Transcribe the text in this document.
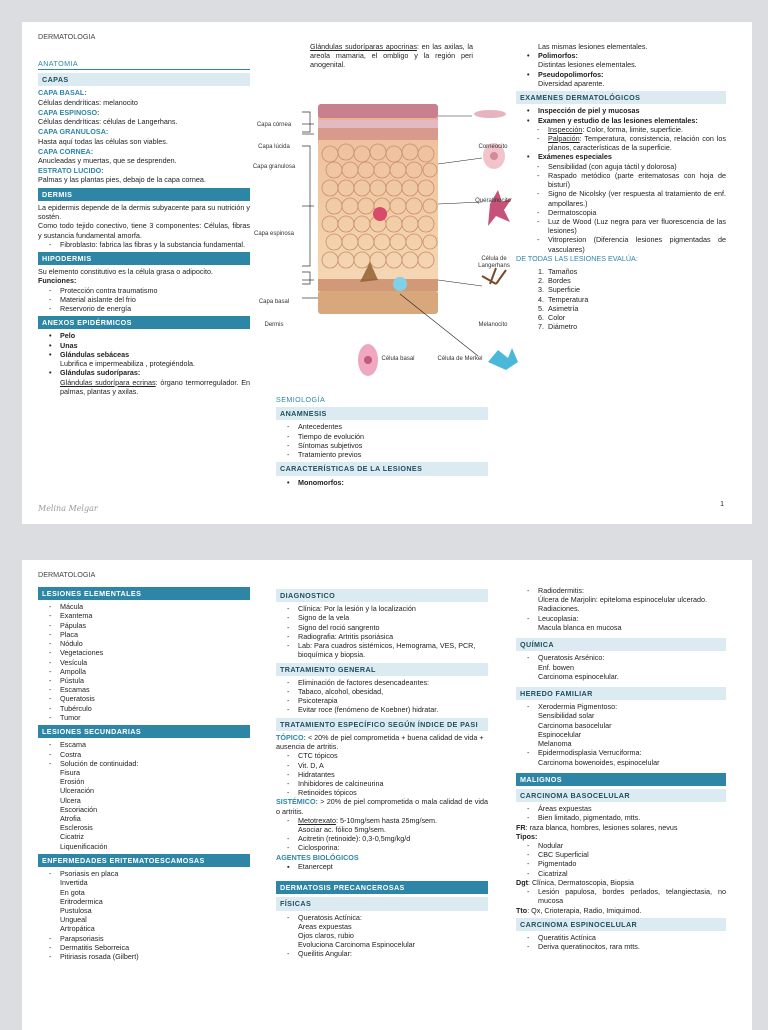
DERMATOLOGIA
ANATOMIA
CAPAS
CAPA BASAL:
Células dendríticas: melanocito
CAPA ESPINOSO:
Células dendríticas: células de Langerhans.
CAPA GRANULOSA:
Hasta aquí todas las células son viables.
CAPA CORNEA:
Anucleadas y muertas, que se desprenden.
ESTRATO LUCIDO:
Palmas y las plantas pies, debajo de la capa cornea.
DERMIS
La epidermis depende de la dermis subyacente para su nutrición y sostén.
Como todo tejido conectivo, tiene 3 componentes: Células, fibras y sustancia fundamental amorfa.
- Fibroblasto: fabrica las fibras y la substancia fundamental.
HIPODERMIS
Su elemento constitutivo es la célula grasa o adipocito.
Funciones:
- Protección contra traumatismo
- Material aislante del frio
- Reservorio de energía
ANEXOS EPIDÉRMICOS
• Pelo
• Unas
• Glándulas sebáceas
Lubrifica e impermeabiliza , protegiéndola.
• Glándulas sudoríparas:
Glándulas sudorípara ecrinas: órgano termorregulador. En palmas, plantas y axilas.
Glándulas sudoríparas apocrinas: en las axilas, la areola mamaria, el ombligo y la región peri anogenital.
Capa córnea
Capa lúcida
Capa granulosa
Capa espinosa
Capa basal
Dermis
Corneocito
Queratinocito
Célula de Langerhans
Melanocito
Célula de Merkel
Célula basal
SEMIOLOGÍA
ANAMNESIS
- Antecedentes
- Tiempo de evolución
- Síntomas subjetivos
- Tratamiento previos
CARACTERÍSTICAS DE LA LESIONES
• Monomorfos:
Las mismas lesiones elementales.
• Polimorfos:
Distintas lesiones elementales.
• Pseudopolimorfos:
Diversidad aparente.
EXAMENES DERMATOLÓGICOS
• Inspección de piel y mucosas
• Examen y estudio de las lesiones elementales:
- Inspección: Color, forma, limite, superficie.
- Palpación: Temperatura, consistencia, relación con los planos, características de la superficie.
• Exámenes especiales
- Sensibilidad (con aguja táctil y dolorosa)
- Raspado metódico (parte eritematosas con hoja de bisturí)
- Signo de Nicolsky (ver respuesta al tratamiento de enf. ampollares.)
- Dermatoscopia
- Luz de Wood (Luz negra para ver fluorescencia de las lesiones)
- Vitropresion (Diferencia lesiones pigmentadas de vasculares)
DE TODAS LAS LESIONES EVALÚA:
1.  Tamaños
2.  Bordes
3.  Superficie
4.  Temperatura
5.  Asimetría
6.  Color
7.  Diámetro
Melina Melgar	1
DERMATOLOGIA
LESIONES ELEMENTALES
- Mácula
- Exantema
- Pápulas
- Placa
- Nódulo
- Vegetaciones
- Vesícula
- Ampolla
- Pústula
- Escamas
- Queratosis
- Tubérculo
- Tumor
LESIONES SECUNDARIAS
- Escama
- Costra
- Solución de continuidad:
Fisura
Erosión
Ulceración
Ulcera
Escoriación
Atrofia
Esclerosis
Cicatriz
Liquenificación
ENFERMEDADES ERITEMATOESCAMOSAS
- Psoriasis en placa
Invertida
En gota
Eritrodermica
Pustulosa
Ungueal
Artropática
- Parapsoriasis
- Dermatitis Seborreica
- Pitiriasis rosada (Gilbert)
DIAGNOSTICO
- Clínica: Por la lesión y la localización
- Signo de la vela
- Signo del roció sangrento
- Radiografia: Artritis psoriásica
- Lab: Para cuadros sistémicos, Hemograma, VES, PCR, bioquímica y biopsia.
TRATAMIENTO GENERAL
- Eliminación de factores desencadeantes:
- Tabaco, alcohol, obesidad,
- Psicoterapia
- Evitar roce (fenómeno de Koebner) hidratar.
TRATAMIENTO ESPECÍFICO SEGÚN ÍNDICE DE PASI
TÓPICO: < 20% de piel comprometida + buena calidad de vida + ausencia de artritis.
- CTC tópicos
- Vit. D, A
- Hidratantes
- Inhibidores de calcineurina
- Retinoides tópicos
SISTÉMICO: > 20% de piel comprometida o mala calidad de vida o artritis.
- Metotrexato: 5-10mg/sem hasta 25mg/sem.
Asociar ac. fólico 5mg/sem.
- Acitretin (retinoide): 0,3-0,5mg/kg/d
- Ciclosporina:
AGENTES BIOLÓGICOS
▪ Etanercept
DERMATOSIS PRECANCEROSAS
FÍSICAS
- Queratosis Actínica:
Areas expuestas
Ojos claros, rubio
Evoluciona Carcinoma Espinocelular
- Queilitis Angular:
- Radiodermitis:
Úlcera de Marjolin: epiteloma espinocelular ulcerado.
Radiaciones.
- Leucoplasia:
Macula blanca en mucosa
QUÍMICA
- Queratosis Arsénico:
Enf. bowen
Carcinoma espinocelular.
HEREDO FAMILIAR
- Xerodermia Pigmentoso:
Sensibilidad solar
Carcinoma basocelular
Espinocelular
Melanoma
- Epidermodisplasia Verruciforma:
Carcinoma bowenoides, espinocelular
MALIGNOS
CARCINOMA BASOCELULAR
- Áreas expuestas
- Bien limitado, pigmentado, mtts.
FR: raza blanca, hombres, lesiones solares, nevus
Tipos:
- Nodular
- CBC Superficial
- Pigmentado
- Cicatrizal
Dgt: Clínica, Dermatoscopia, Biopsia
- Lesión papulosa, bordes perlados, telangiectasia, no mucosa
Tto: Qx, Crioterapia, Radio, Imiquimod.
CARCINOMA ESPINOCELULAR
- Queratitis Actínica
- Deriva queratinocitos, rara mtts.
